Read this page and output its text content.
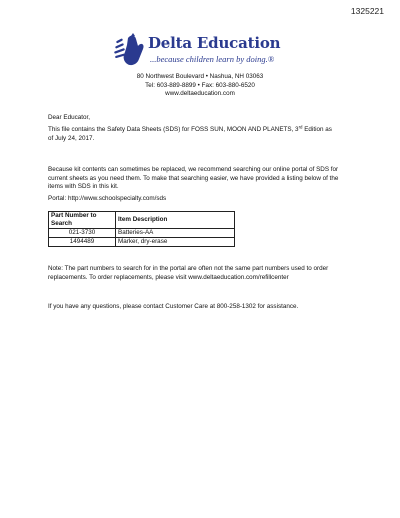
1325221
Delta Education
...because children learn by doing.®
80 Northwest Boulevard • Nashua, NH 03063
Tel: 603-889-8899 • Fax: 603-880-6520
www.deltaeducation.com

Dear Educator,

This file contains the Safety Data Sheets (SDS) for FOSS SUN, MOON AND PLANETS, 3rd Edition as

of July 24, 2017.

Because kit contents can sometimes be replaced, we recommend searching our online portal of SDS for

current sheets as you need them. To make that searching easier, we have provided a listing below of the

items with SDS in this kit.

Portal: http://www.schoolspecialty.com/sds

Part Number to Search	Item Description
021-3730	Batteries-AA
1494489	Marker, dry-erase

Note: The part numbers to search for in the portal are often not the same part numbers used to order

replacements. To order replacements, please visit www.deltaeducation.com/refillcenter

If you have any questions, please contact Customer Care at 800-258-1302 for assistance.
